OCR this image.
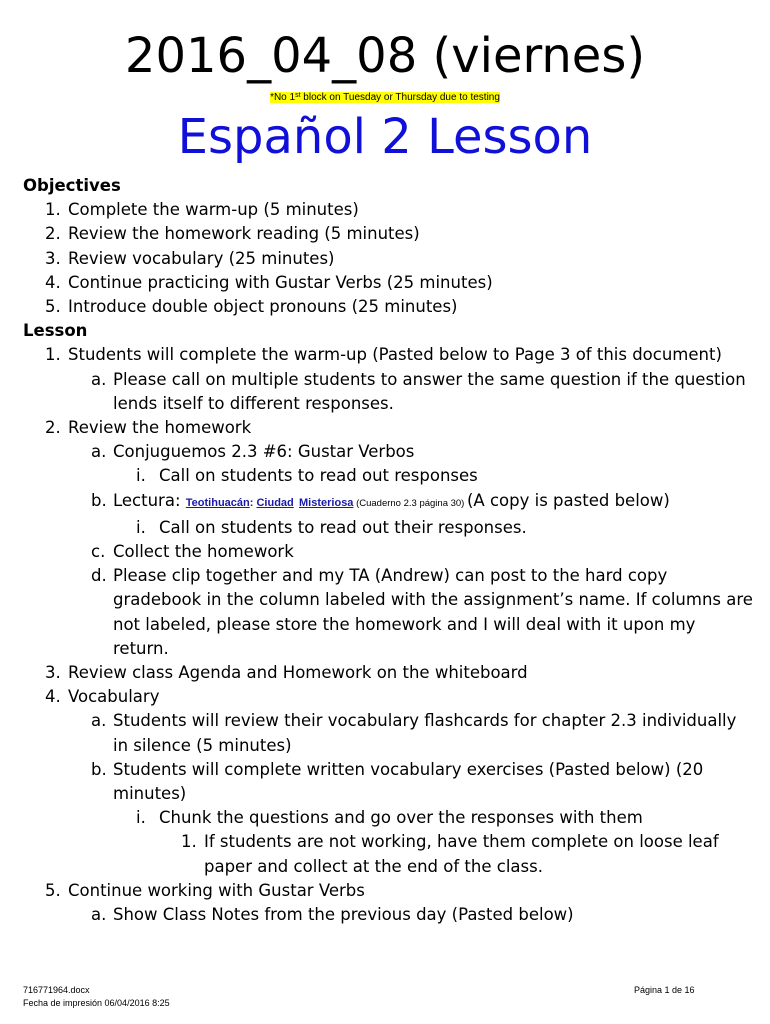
2016_04_08 (viernes)
*No 1st block on Tuesday or Thursday due to testing
Español 2 Lesson
Objectives
1. Complete the warm-up (5 minutes)
2. Review the homework reading (5 minutes)
3. Review vocabulary (25 minutes)
4. Continue practicing with Gustar Verbs (25 minutes)
5. Introduce double object pronouns (25 minutes)
Lesson
1. Students will complete the warm-up (Pasted below to Page 3 of this document)
a. Please call on multiple students to answer the same question if the question lends itself to different responses.
2. Review the homework
a. Conjuguemos 2.3 #6: Gustar Verbos
i. Call on students to read out responses
b. Lectura: Teotihuacán: Ciudad Misteriosa (Cuaderno 2.3 página 30) (A copy is pasted below)
i. Call on students to read out their responses.
c. Collect the homework
d. Please clip together and my TA (Andrew) can post to the hard copy gradebook in the column labeled with the assignment’s name. If columns are not labeled, please store the homework and I will deal with it upon my return.
3. Review class Agenda and Homework on the whiteboard
4. Vocabulary
a. Students will review their vocabulary flashcards for chapter 2.3 individually in silence (5 minutes)
b. Students will complete written vocabulary exercises (Pasted below) (20 minutes)
i. Chunk the questions and go over the responses with them
1. If students are not working, have them complete on loose leaf paper and collect at the end of the class.
5. Continue working with Gustar Verbs
a. Show Class Notes from the previous day (Pasted below)
716771964.docx
Fecha de impresión 06/04/2016 8:25
Página 1 de 16
